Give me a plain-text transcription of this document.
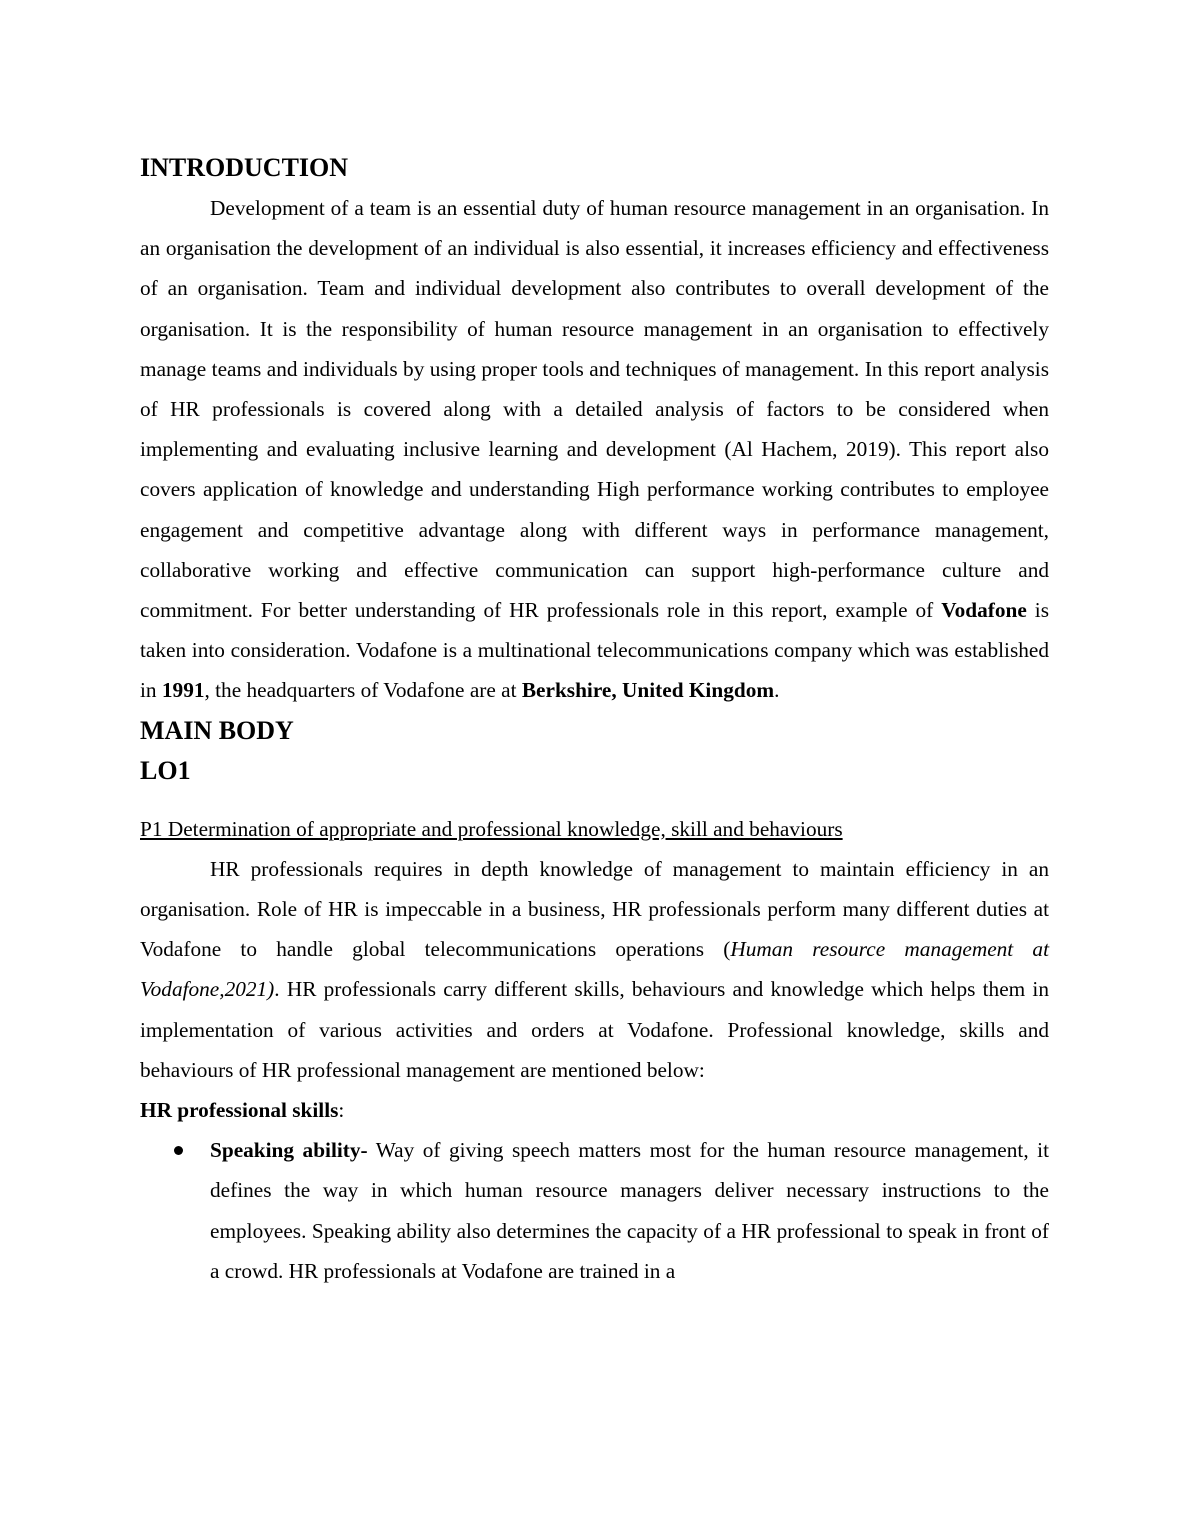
INTRODUCTION

Development of a team is an essential duty of human resource management in an organisation. In an organisation the development of an individual is also essential, it increases efficiency and effectiveness of an organisation. Team and individual development also contributes to overall development of the organisation. It is the responsibility of human resource management in an organisation to effectively manage teams and individuals by using proper tools and techniques of management. In this report analysis of HR professionals is covered along with a detailed analysis of factors to be considered when implementing and evaluating inclusive learning and development (Al Hachem, 2019). This report also covers application of knowledge and understanding High performance working contributes to employee engagement and competitive advantage along with different ways in performance management, collaborative working and effective communication can support high-performance culture and commitment. For better understanding of HR professionals role in this report, example of Vodafone is taken into consideration. Vodafone is a multinational telecommunications company which was established in 1991, the headquarters of Vodafone are at Berkshire, United Kingdom.

MAIN BODY
LO1
P1 Determination of appropriate and professional knowledge, skill and behaviours

HR professionals requires in depth knowledge of management to maintain efficiency in an organisation. Role of HR is impeccable in a business, HR professionals perform many different duties at Vodafone to handle global telecommunications operations (Human resource management at Vodafone,2021). HR professionals carry different skills, behaviours and knowledge which helps them in implementation of various activities and orders at Vodafone. Professional knowledge, skills and behaviours of HR professional management are mentioned below:

HR professional skills:

Speaking ability- Way of giving speech matters most for the human resource management, it defines the way in which human resource managers deliver necessary instructions to the employees. Speaking ability also determines the capacity of a HR professional to speak in front of a crowd. HR professionals at Vodafone are trained in a
